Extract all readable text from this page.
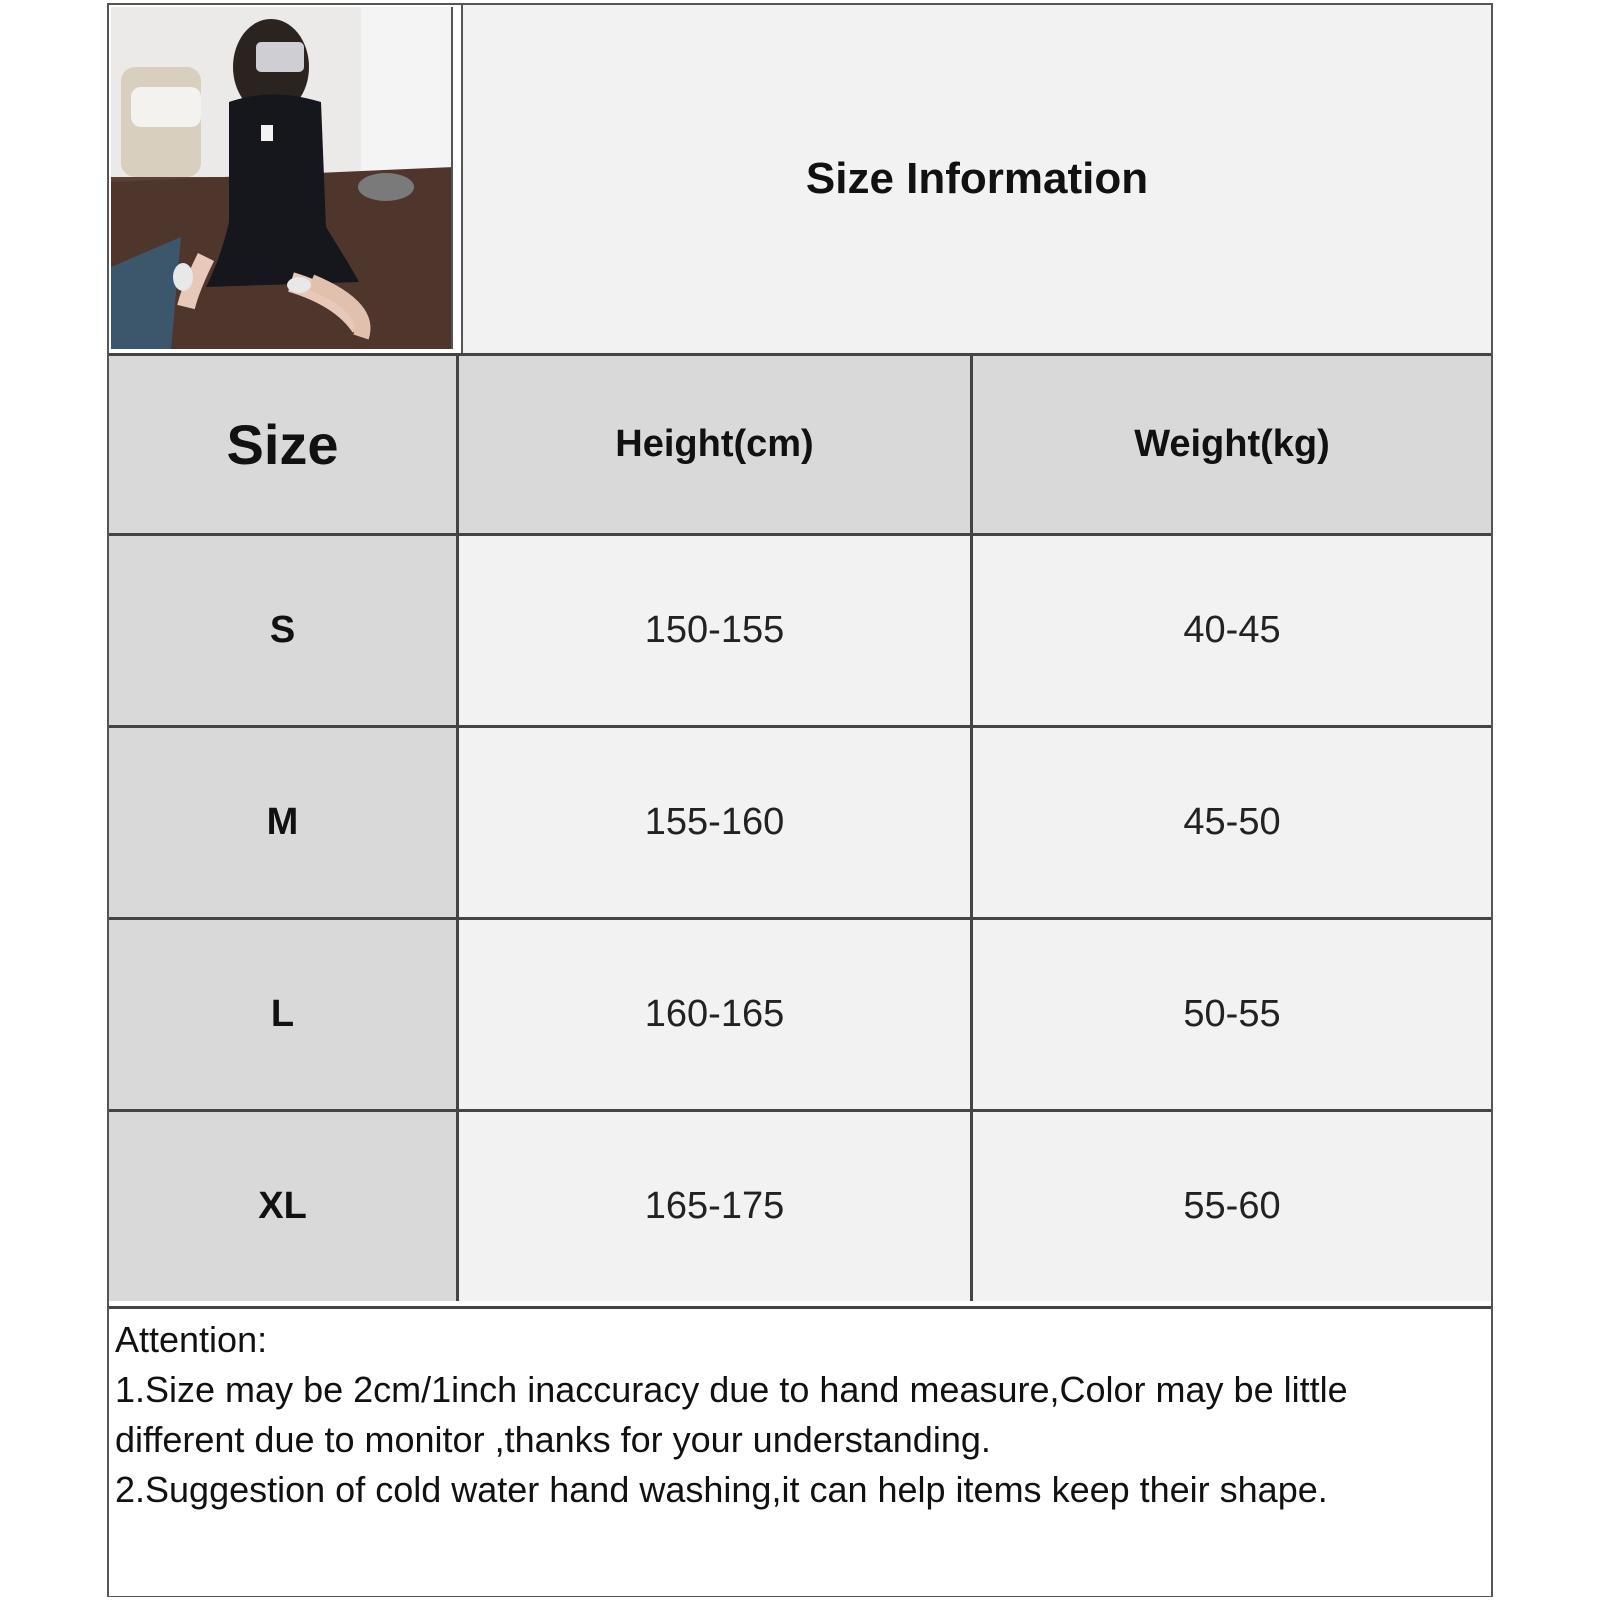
Size Information
Size	Height(cm)	Weight(kg)
S	150-155	40-45
M	155-160	45-50
L	160-165	50-55
XL	165-175	55-60

Attention:

1.Size may be 2cm/1inch inaccuracy due to hand measure,Color may be little different due to monitor ,thanks for your understanding.

2.Suggestion of cold water hand washing,it can help items keep their shape.
